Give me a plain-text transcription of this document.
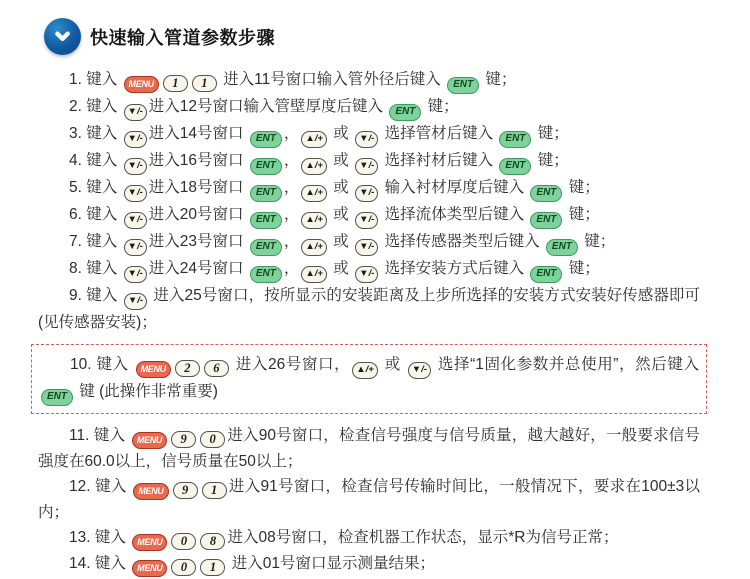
快速输入管道参数步骤

1. 键入 MENU 1 1 进入11号窗口输入管外径后键入 ENT 键；

2. 键入 ▼/- 进入12号窗口输入管壁厚度后键入 ENT 键；

3. 键入 ▼/- 进入14号窗口 ENT ， ▲/+ 或 ▼/- 选择管材后键入 ENT 键；

4. 键入 ▼/- 进入16号窗口 ENT ， ▲/+ 或 ▼/- 选择衬材后键入 ENT 键；

5. 键入 ▼/- 进入18号窗口 ENT ， ▲/+ 或 ▼/- 输入衬材厚度后键入 ENT 键；

6. 键入 ▼/- 进入20号窗口 ENT ， ▲/+ 或 ▼/- 选择流体类型后键入 ENT 键；

7. 键入 ▼/- 进入23号窗口 ENT ， ▲/+ 或 ▼/- 选择传感器类型后键入 ENT 键；

8. 键入 ▼/- 进入24号窗口 ENT ， ▲/+ 或 ▼/- 选择安装方式后键入 ENT 键；

9. 键入 ▼/- 进入25号窗口，按所显示的安装距离及上步所选择的安装方式安装好传感器即可(见传感器安装)；

10. 键入 MENU 2 6 进入26号窗口， ▲/+ 或 ▼/- 选择“1固化参数并总使用”，然后键入 ENT 键 (此操作非常重要)

11. 键入 MENU 9 0 进入90号窗口，检查信号强度与信号质量，越大越好，一般要求信号强度在60.0以上，信号质量在50以上；

12. 键入 MENU 9 1 进入91号窗口，检查信号传输时间比，一般情况下，要求在100±3以内；

13. 键入 MENU 0 8 进入08号窗口，检查机器工作状态，显示*R为信号正常；

14. 键入 MENU 0 1 进入01号窗口显示测量结果；
